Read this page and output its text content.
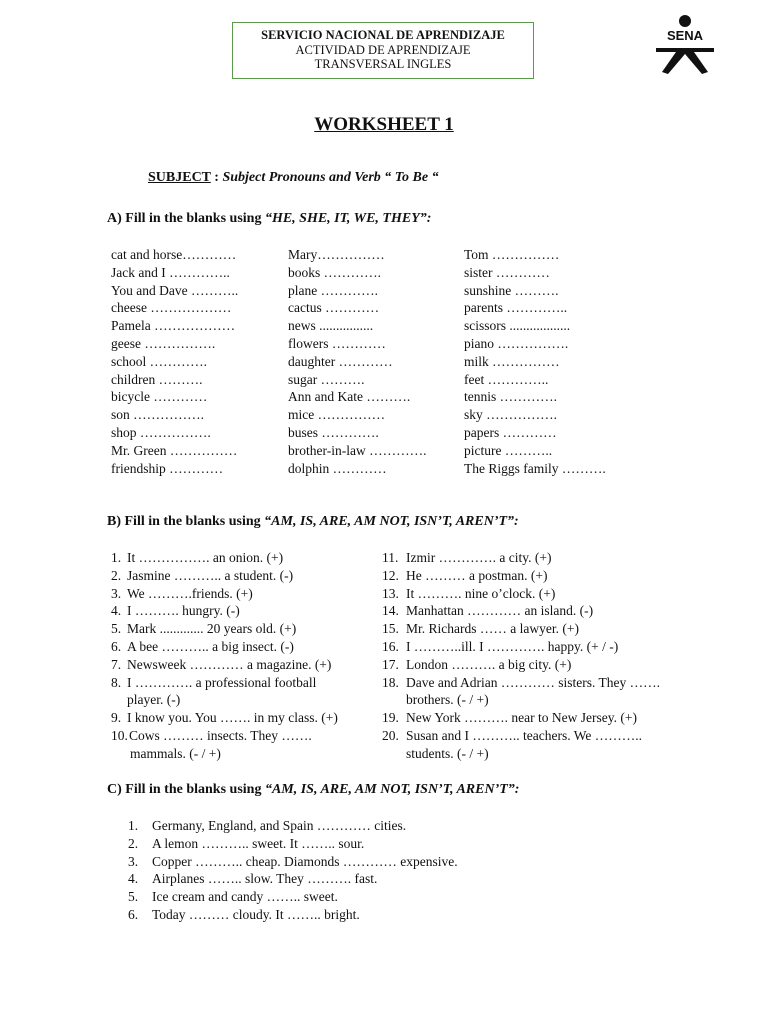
SERVICIO NACIONAL DE APRENDIZAJE
ACTIVIDAD DE APRENDIZAJE
TRANSVERSAL INGLES
SENA
WORKSHEET 1
SUBJECT : Subject Pronouns and Verb “ To Be “
A) Fill in the blanks using “HE, SHE, IT, WE, THEY”:
cat and horse…………
Jack and I …………..
You and Dave ………..
cheese ………………
Pamela ………………
geese …………….
school ………….
children ……….
bicycle …………
son …………….
shop …………….
Mr. Green ……………
friendship …………
Mary……………
books ………….
plane ………….
cactus …………
news ................
flowers …………
daughter …………
sugar ……….
Ann and Kate ……….
mice ……………
buses ………….
brother-in-law ………….
dolphin …………
Tom ……………
sister …………
sunshine ……….
parents …………..
scissors ..................
piano …………….
milk ……………
feet …………..
tennis ………….
sky …………….
papers …………
picture ………..
The Riggs family ……….
B) Fill in the blanks using “AM, IS, ARE, AM NOT, ISN’T, AREN’T”:
1. It ……………. an onion. (+)
2. Jasmine ……….. a student. (-)
3. We ……….friends. (+)
4. I ………. hungry. (-)
5. Mark ............. 20 years old. (+)
6. A bee ……….. a big insect. (-)
7. Newsweek ………… a magazine. (+)
8. I …………. a professional football
player. (-)
9. I know you. You ……. in my class. (+)
10.Cows ……… insects. They …….
mammals. (- / +)
11. Izmir …………. a city. (+)
12. He ……… a postman. (+)
13. It ………. nine o’clock. (+)
14. Manhattan ………… an island. (-)
15. Mr. Richards …… a lawyer. (+)
16. I ………..ill. I …………. happy. (+ / -)
17. London ………. a big city. (+)
18. Dave and Adrian ………… sisters. They …….
brothers. (- / +)
19. New York ………. near to New Jersey. (+)
20. Susan and I ……….. teachers. We ………..
students. (- / +)
C) Fill in the blanks using “AM, IS, ARE, AM NOT, ISN’T, AREN’T”:
1. Germany, England, and Spain ………… cities.
2. A lemon ……….. sweet. It …….. sour.
3. Copper ……….. cheap. Diamonds ………… expensive.
4. Airplanes …….. slow. They ………. fast.
5. Ice cream and candy …….. sweet.
6. Today ……… cloudy. It …….. bright.
